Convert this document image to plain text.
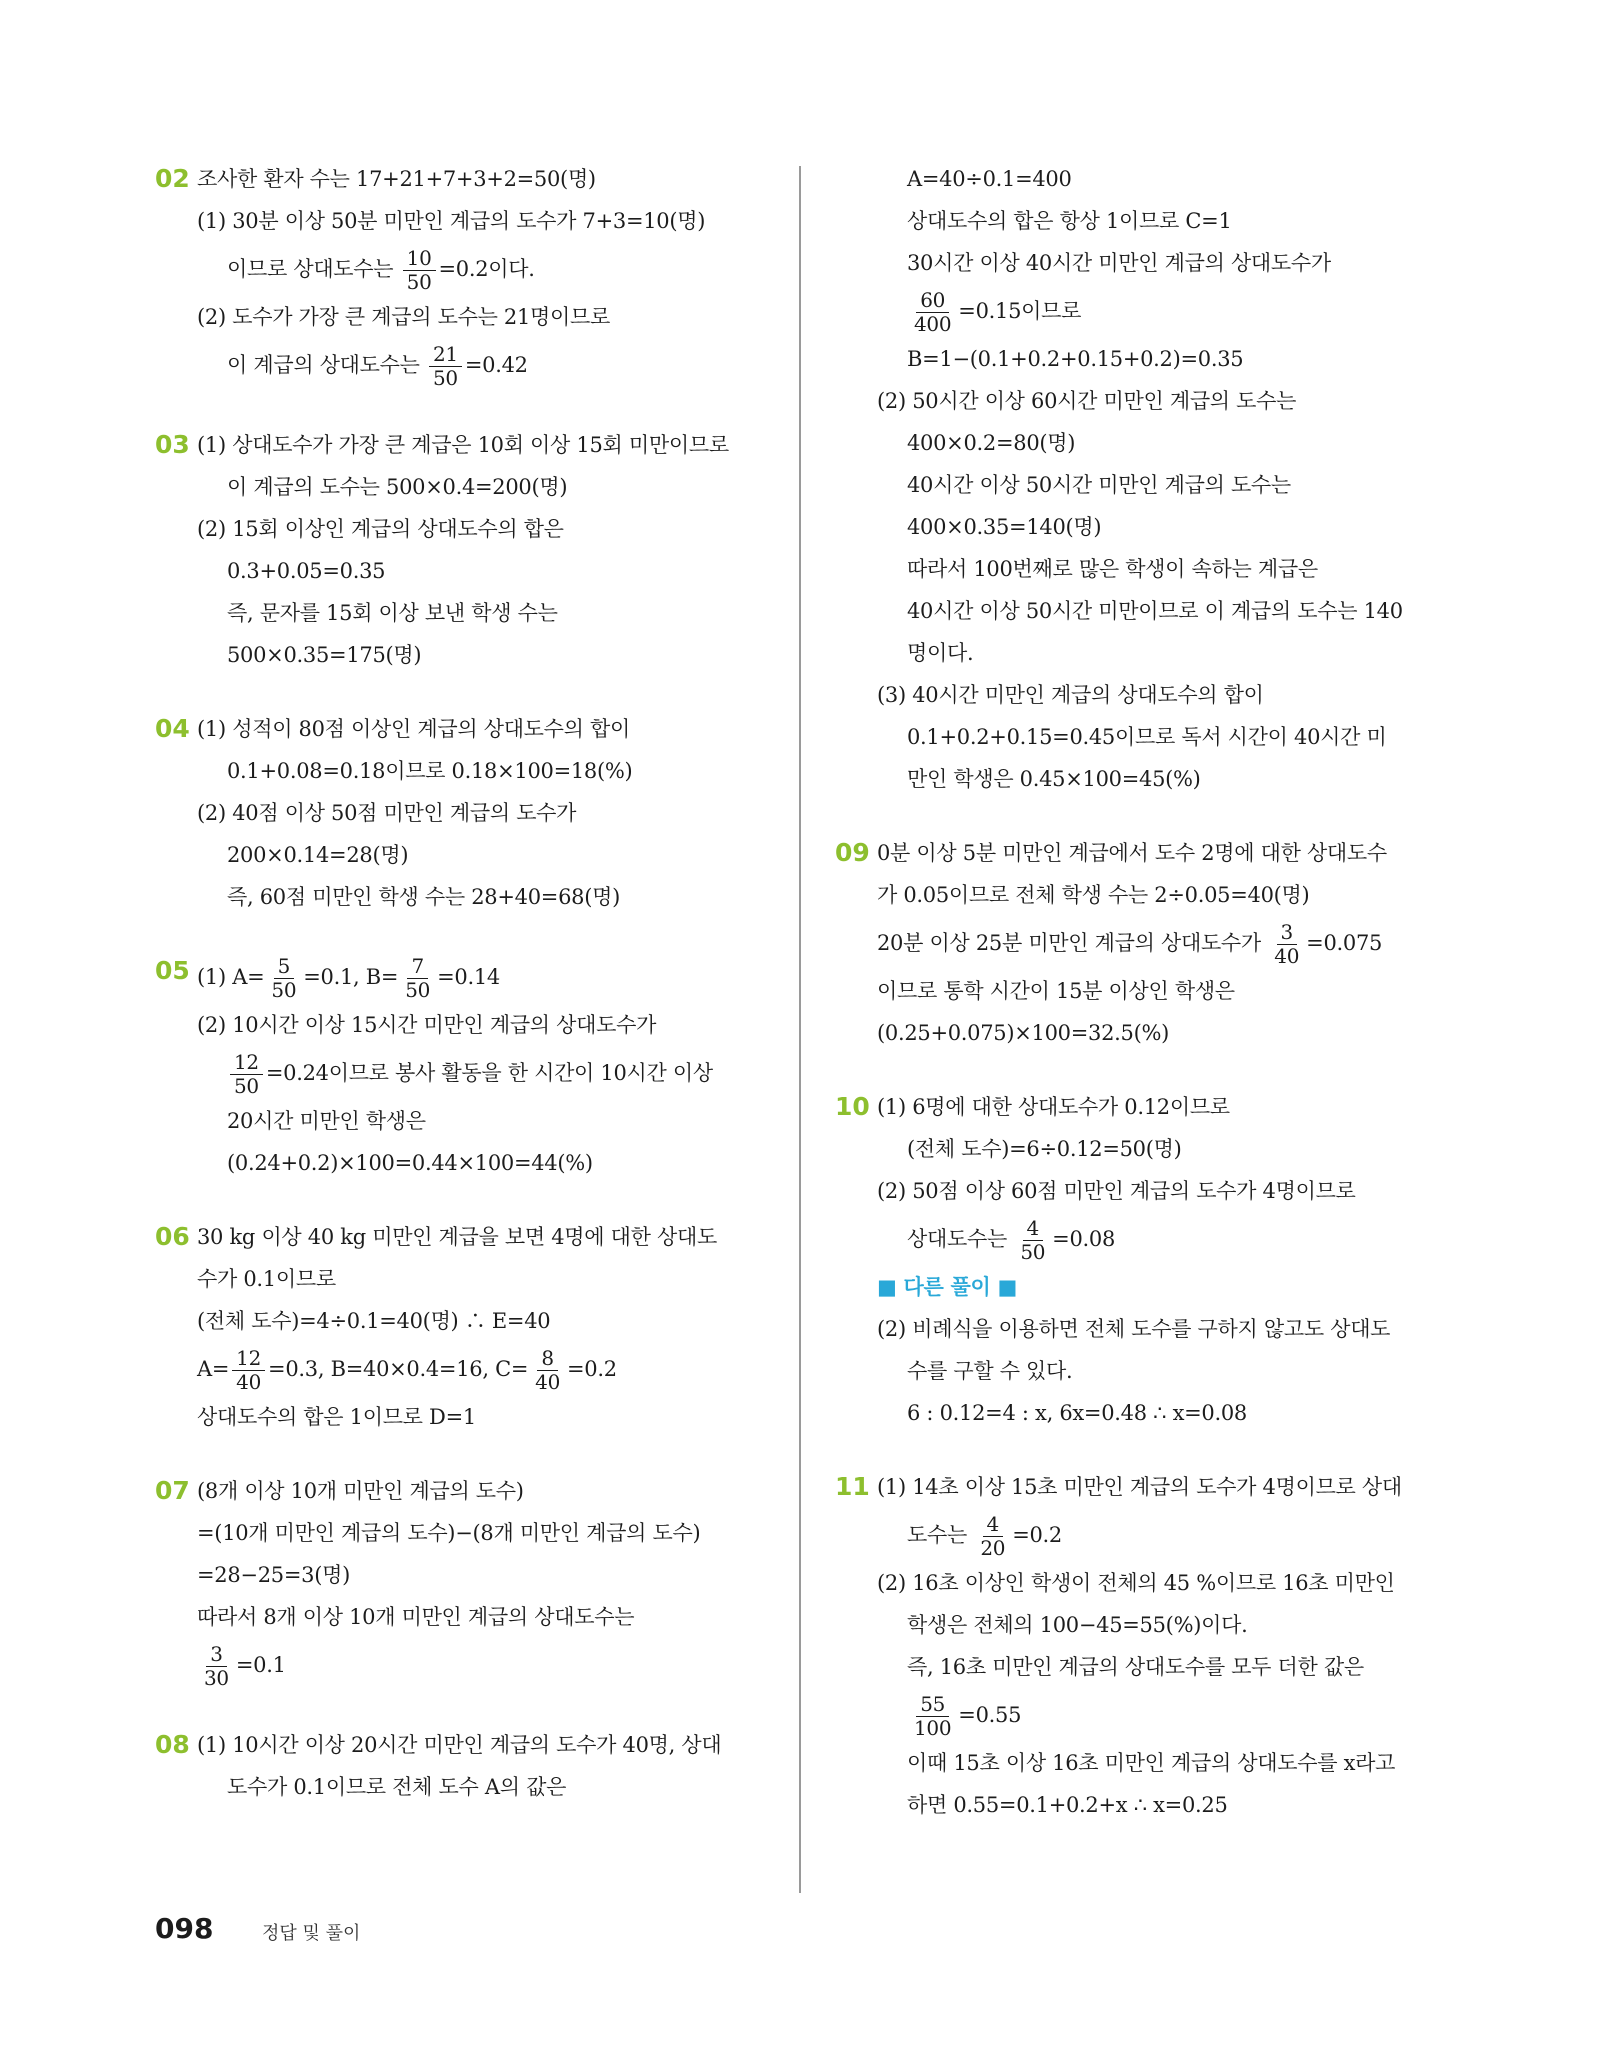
02 조사한 환자 수는 17+21+7+3+2=50(명)
(1) 30분 이상 50분 미만인 계급의 도수가 7+3=10(명)
이므로 상대도수는 $\frac{10}{50} =0.2$이다.
(2) 도수가 가장 큰 계급의 도수는 21명이므로
이 계급의 상대도수는 $\frac{21}{50} =0.42$
03 (1) 상대도수가 가장 큰 계급은 10회 이상 15회 미만이므로
이 계급의 도수는 500×0.4=200(명)
(2) 15회 이상인 계급의 상대도수의 합은
0.3+0.05=0.35
즉, 문자를 15회 이상 보낸 학생 수는
500×0.35=175(명)
04 (1) 성적이 80점 이상인 계급의 상대도수의 합이
0.1+0.08=0.18이므로 0.18×100=18(%)
(2) 40점 이상 50점 미만인 계급의 도수가
200×0.14=28(명)
즉, 60점 미만인 학생 수는 28+40=68(명)
05 (1) $A= \frac{5}{50} =0.1$, $B= \frac{7}{50} =0.14$
(2) 10시간 이상 15시간 미만인 계급의 상대도수가
$\frac{12}{50} =0.24$이므로 봉사 활동을 한 시간이 10시간 이상
20시간 미만인 학생은
(0.24+0.2)×100=0.44×100=44(%)
06 30 kg 이상 40 kg 미만인 계급을 보면 4명에 대한 상대도
수가 0.1이므로
(전체 도수)=4÷0.1=40(명) ∴ E=40
$A= \frac{12}{40} =0.3$, B=40×0.4=16, $C= \frac{8}{40} =0.2$
상대도수의 합은 1이므로 D=1
07 (8개 이상 10개 미만인 계급의 도수)
=(10개 미만인 계급의 도수)−(8개 미만인 계급의 도수)
=28−25=3(명)
따라서 8개 이상 10개 미만인 계급의 상대도수는
$\frac{3}{30} =0.1$
08 (1) 10시간 이상 20시간 미만인 계급의 도수가 40명, 상대
도수가 0.1이므로 전체 도수 A의 값은
A=40÷0.1=400
상대도수의 합은 항상 1이므로 C=1
30시간 이상 40시간 미만인 계급의 상대도수가
$\frac{60}{400} =0.15$이므로
B=1−(0.1+0.2+0.15+0.2)=0.35
(2) 50시간 이상 60시간 미만인 계급의 도수는
400×0.2=80(명)
40시간 이상 50시간 미만인 계급의 도수는
400×0.35=140(명)
따라서 100번째로 많은 학생이 속하는 계급은
40시간 이상 50시간 미만이므로 이 계급의 도수는 140
명이다.
(3) 40시간 미만인 계급의 상대도수의 합이
0.1+0.2+0.15=0.45이므로 독서 시간이 40시간 미
만인 학생은 0.45×100=45(%)
09 0분 이상 5분 미만인 계급에서 도수 2명에 대한 상대도수
가 0.05이므로 전체 학생 수는 2÷0.05=40(명)
20분 이상 25분 미만인 계급의 상대도수가 $\frac{3}{40} =0.075$
이므로 통학 시간이 15분 이상인 학생은
(0.25+0.075)×100=32.5(%)
10 (1) 6명에 대한 상대도수가 0.12이므로
(전체 도수)=6÷0.12=50(명)
(2) 50점 이상 60점 미만인 계급의 도수가 4명이므로
상대도수는 $\frac{4}{50} =0.08$
■ 다른 풀이 ■
(2) 비례식을 이용하면 전체 도수를 구하지 않고도 상대도
수를 구할 수 있다.
6 : 0.12=4 : x, 6x=0.48 ∴ x=0.08
11 (1) 14초 이상 15초 미만인 계급의 도수가 4명이므로 상대
도수는 $\frac{4}{20} =0.2$
(2) 16초 이상인 학생이 전체의 45 %이므로 16초 미만인
학생은 전체의 100−45=55(%)이다.
즉, 16초 미만인 계급의 상대도수를 모두 더한 값은
$\frac{55}{100} =0.55$
이때 15초 이상 16초 미만인 계급의 상대도수를 x라고
하면 0.55=0.1+0.2+x ∴ x=0.25
098	정답 및 풀이
